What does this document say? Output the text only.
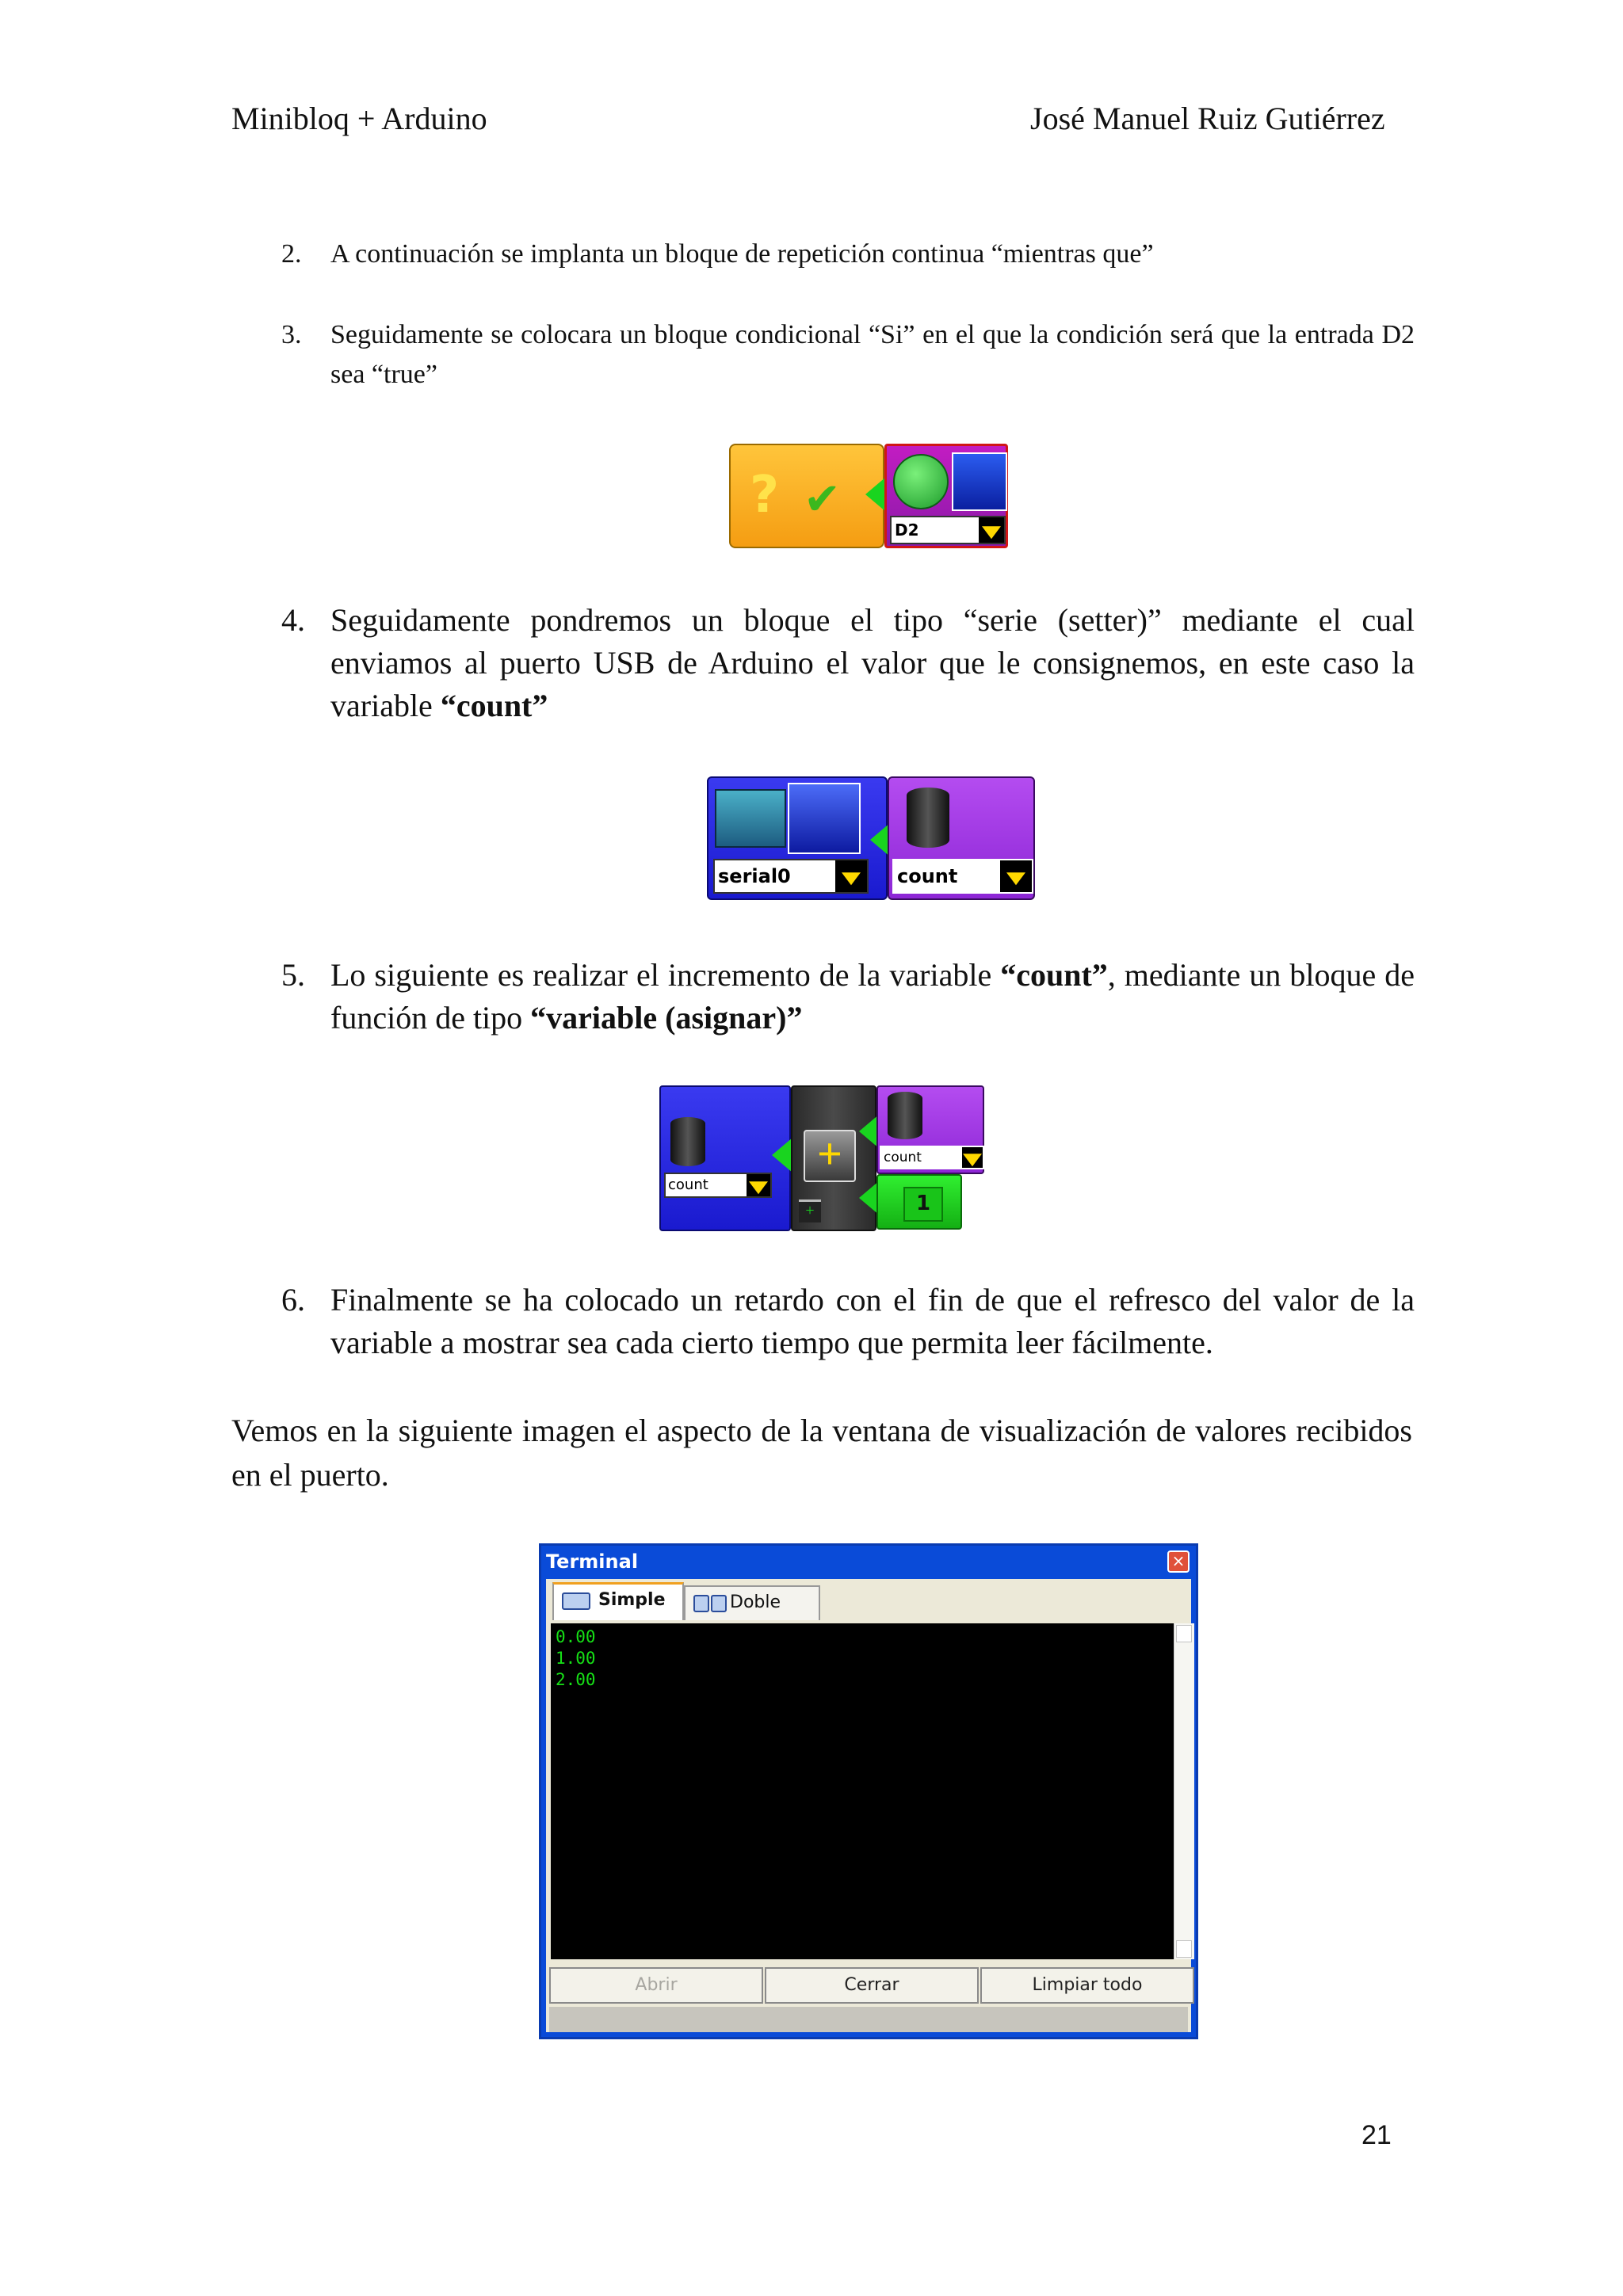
Minibloq + Arduino	José Manuel Ruiz Gutiérrez
2. A continuación se implanta un bloque de repetición continua “mientras que”
3. Seguidamente se colocara un bloque condicional “Si” en el que la condición será que la entrada D2 sea “true”
? ✔
D2
4. Seguidamente pondremos un bloque el tipo “serie (setter)” mediante el cual enviamos al puerto USB de Arduino el valor que le consignemos, en este caso la variable “count”
serial0	count
5. Lo siguiente es realizar el incremento de la variable “count”, mediante un bloque de función de tipo “variable (asignar)”
count
+
+
count
1
6. Finalmente se ha colocado un retardo con el fin de que el refresco del valor de la variable a mostrar sea cada cierto tiempo que permita leer fácilmente.
Vemos en la siguiente imagen el aspecto de la ventana de visualización de valores recibidos en el puerto.
Terminal	×
Simple	Doble
0.00
1.00
2.00
Abrir	Cerrar	Limpiar todo
21
